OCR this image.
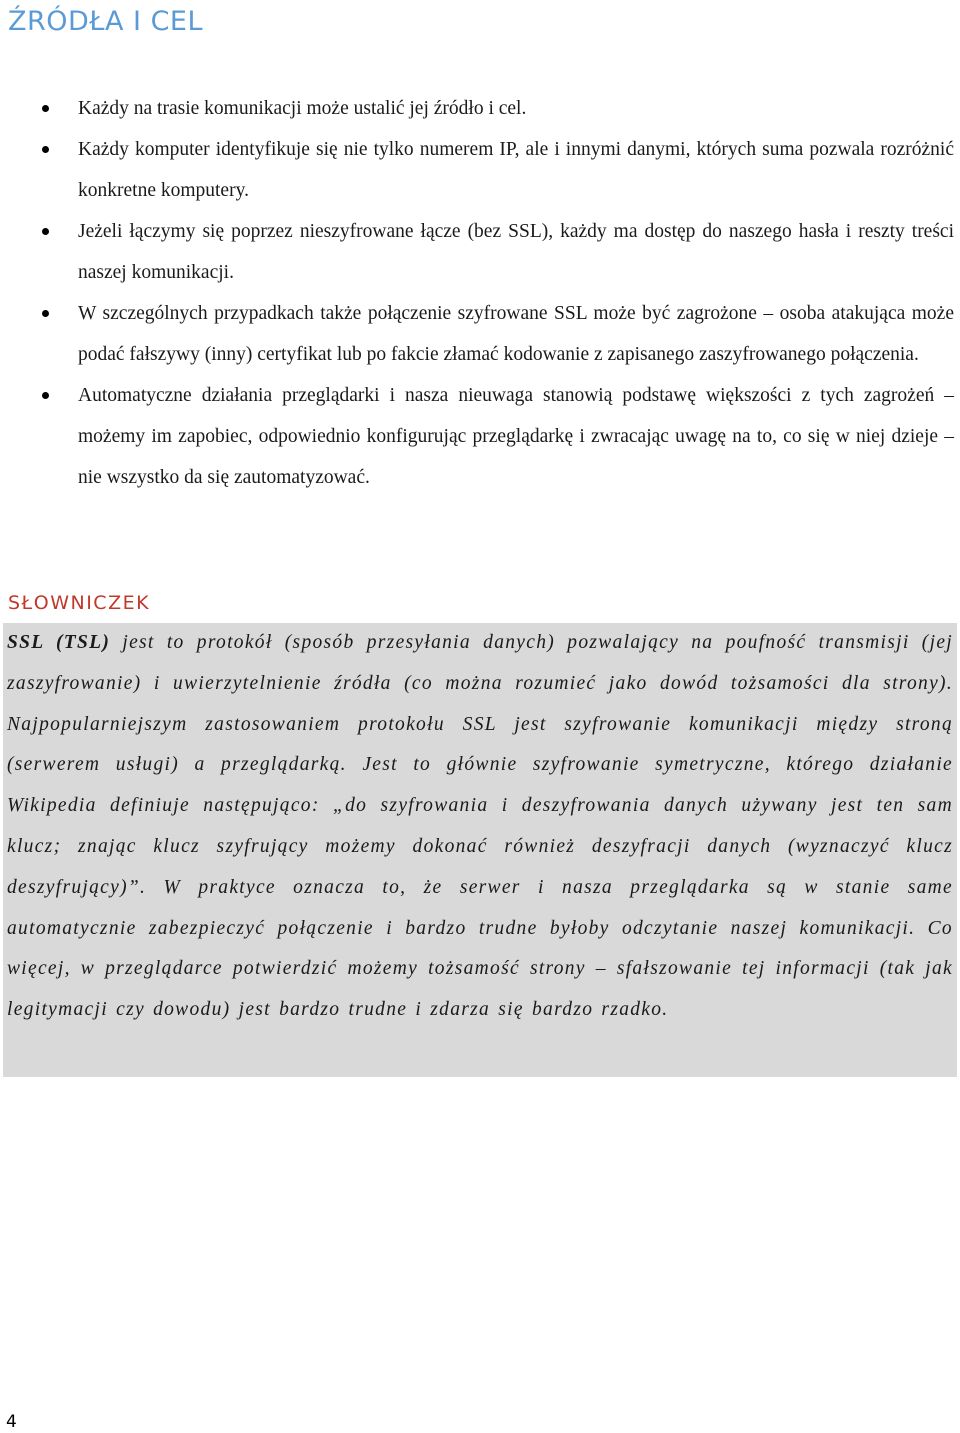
ŹRÓDŁA I CEL
Każdy na trasie komunikacji może ustalić jej źródło i cel.
Każdy komputer identyfikuje się nie tylko numerem IP, ale i innymi danymi, których suma pozwala rozróżnić konkretne komputery.
Jeżeli łączymy się poprzez nieszyfrowane łącze (bez SSL), każdy ma dostęp do naszego hasła i reszty treści naszej komunikacji.
W szczególnych przypadkach także połączenie szyfrowane SSL może być zagrożone – osoba atakująca może podać fałszywy (inny) certyfikat lub po fakcie złamać kodowanie z zapisanego zaszyfrowanego połączenia.
Automatyczne działania przeglądarki i nasza nieuwaga stanowią podstawę większości z tych zagrożeń – możemy im zapobiec, odpowiednio konfigurując przeglądarkę i zwracając uwagę na to, co się w niej dzieje – nie wszystko da się zautomatyzować.
SŁOWNICZEK
SSL (TSL) jest to protokół (sposób przesyłania danych) pozwalający na poufność transmisji (jej zaszyfrowanie) i uwierzytelnienie źródła (co można rozumieć jako dowód tożsamości dla strony). Najpopularniejszym zastosowaniem protokołu SSL jest szyfrowanie komunikacji między stroną (serwerem usługi) a przeglądarką. Jest to głównie szyfrowanie symetryczne, którego działanie Wikipedia definiuje następująco: „do szyfrowania i deszyfrowania danych używany jest ten sam klucz; znając klucz szyfrujący możemy dokonać również deszyfracji danych (wyznaczyć klucz deszyfrujący)”. W praktyce oznacza to, że serwer i nasza przeglądarka są w stanie same automatycznie zabezpieczyć połączenie i bardzo trudne byłoby odczytanie naszej komunikacji. Co więcej, w przeglądarce potwierdzić możemy tożsamość strony – sfałszowanie tej informacji (tak jak legitymacji czy dowodu) jest bardzo trudne i zdarza się bardzo rzadko.
4
